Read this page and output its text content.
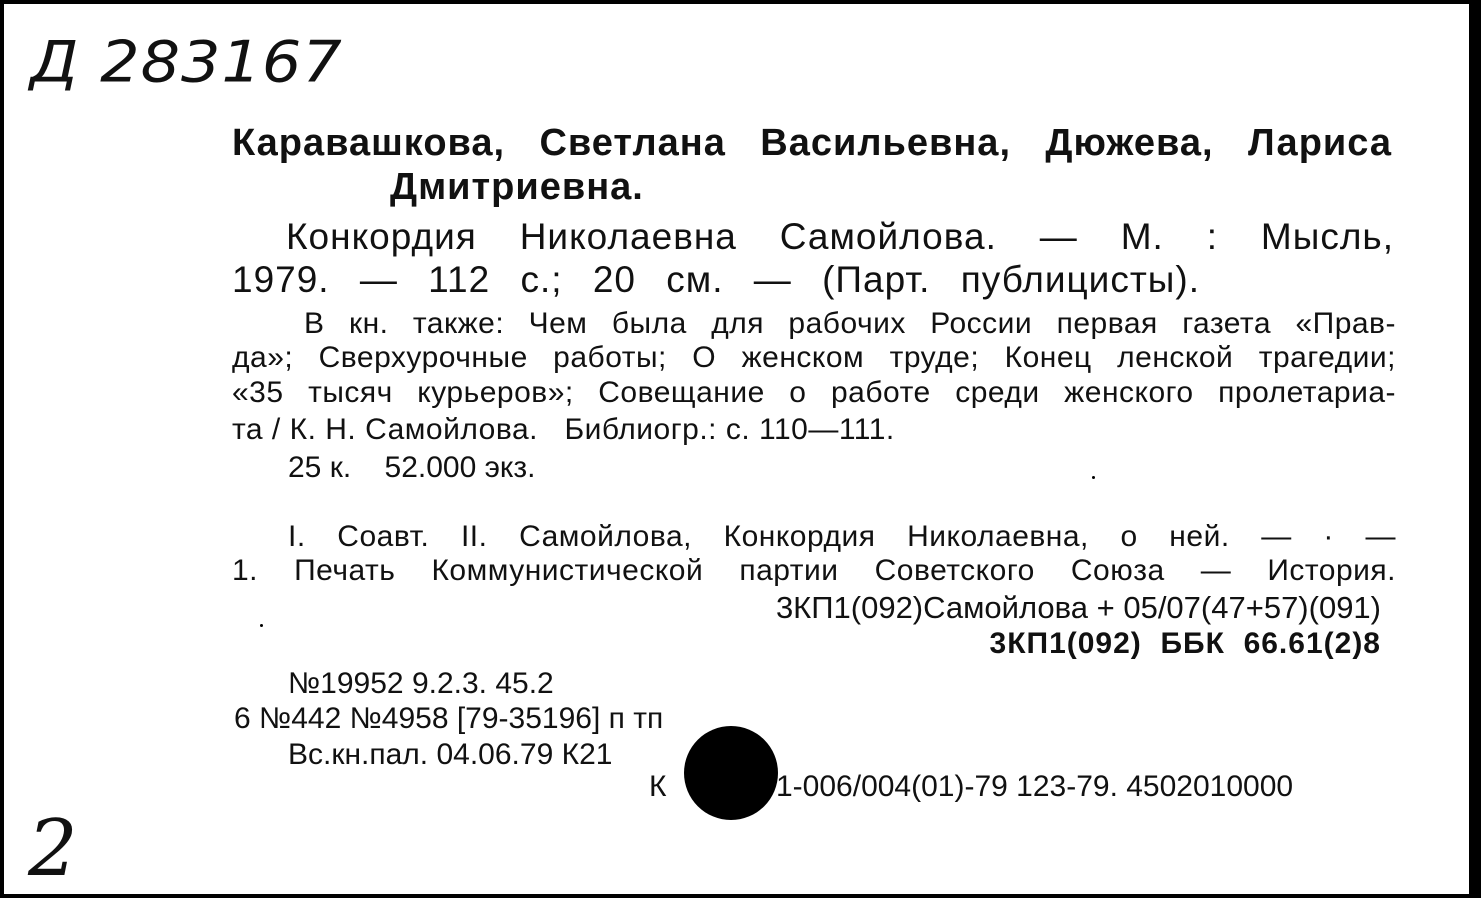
Д 283167
Каравашкова, Светлана Васильевна, Дюжева, Лариса
Дмитриевна.
Конкордия Николаевна Самойлова. — М. : Мысль,
1979. — 112 с.; 20 см. — (Парт. публицисты).
В кн. также: Чем была для рабочих России первая газета «Прав-
да»; Сверхурочные работы; О женском труде; Конец ленской трагедии;
«35 тысяч курьеров»; Совещание о работе среди женского пролетариа-
та / К. Н. Самойлова.   Библиогр.: с. 110—111.
25 к.    52.000 экз.
I. Соавт. II. Самойлова, Конкордия Николаевна, о ней. — · —
1. Печать Коммунистической партии Советского Союза — История.
3КП1(092)Самойлова + 05/07(47+57)(091)
3КП1(092)  ББК  66.61(2)8
№19952 9.2.3. 45.2
6 №442 №4958 [79-35196] п тп
Вс.кн.пал. 04.06.79 К21
К	1-006/004(01)-79 123-79. 4502010000
2
